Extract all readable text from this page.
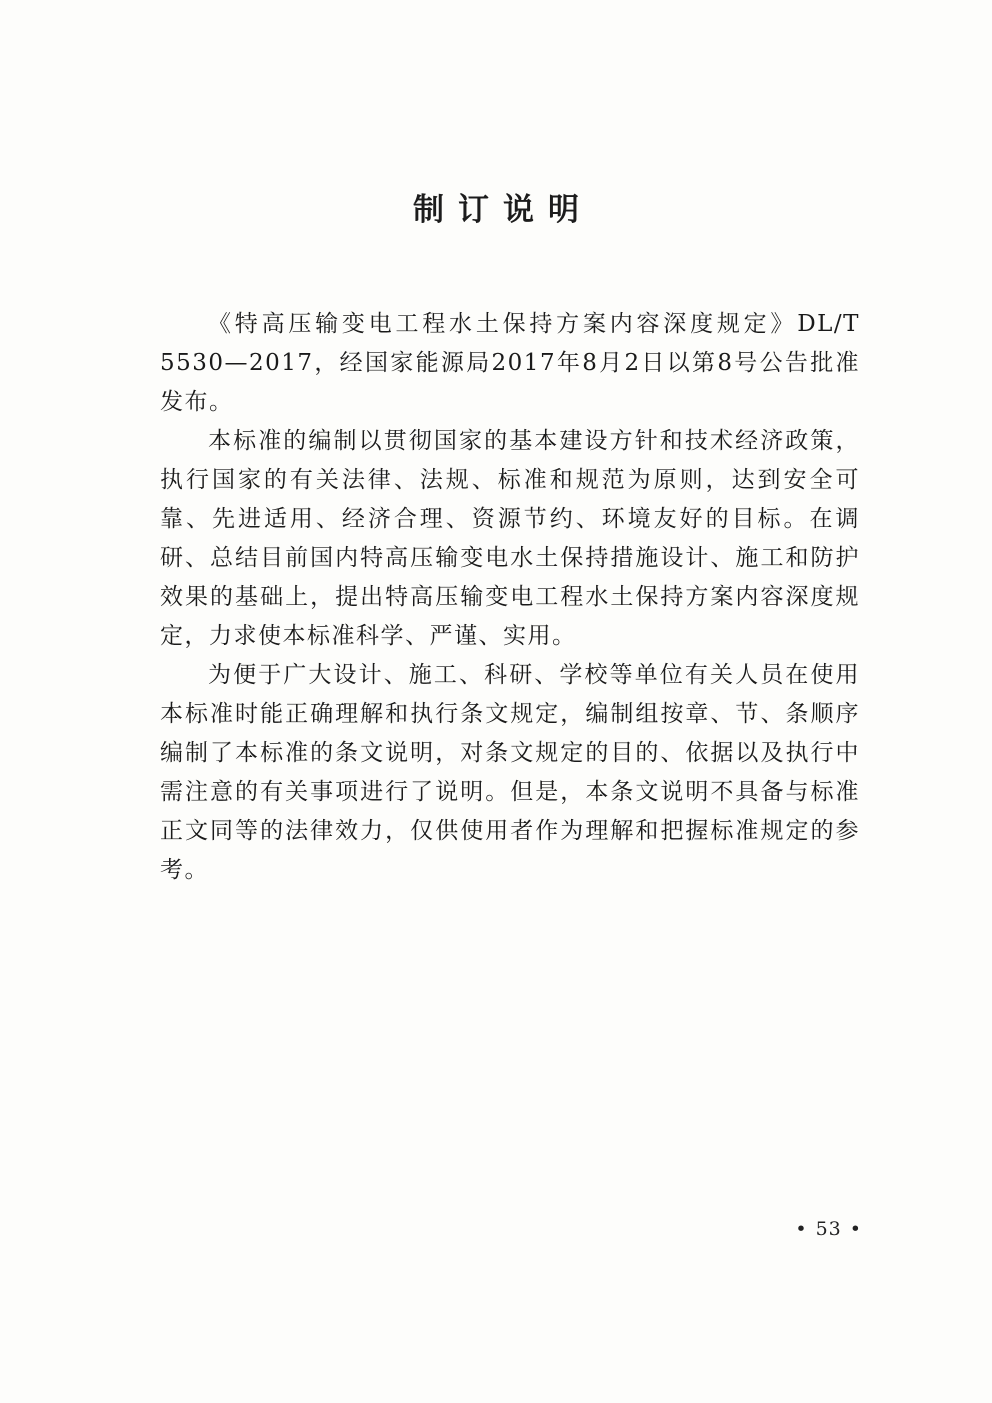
制订说明

《特高压输变电工程水土保持方案内容深度规定》DL/T 5530—2017，经国家能源局2017年8月2日以第8号公告批准发布。

本标准的编制以贯彻国家的基本建设方针和技术经济政策，执行国家的有关法律、法规、标准和规范为原则，达到安全可靠、先进适用、经济合理、资源节约、环境友好的目标。在调研、总结目前国内特高压输变电水土保持措施设计、施工和防护效果的基础上，提出特高压输变电工程水土保持方案内容深度规定，力求使本标准科学、严谨、实用。

为便于广大设计、施工、科研、学校等单位有关人员在使用本标准时能正确理解和执行条文规定，编制组按章、节、条顺序编制了本标准的条文说明，对条文规定的目的、依据以及执行中需注意的有关事项进行了说明。但是，本条文说明不具备与标准正文同等的法律效力，仅供使用者作为理解和把握标准规定的参考。

• 53 •
